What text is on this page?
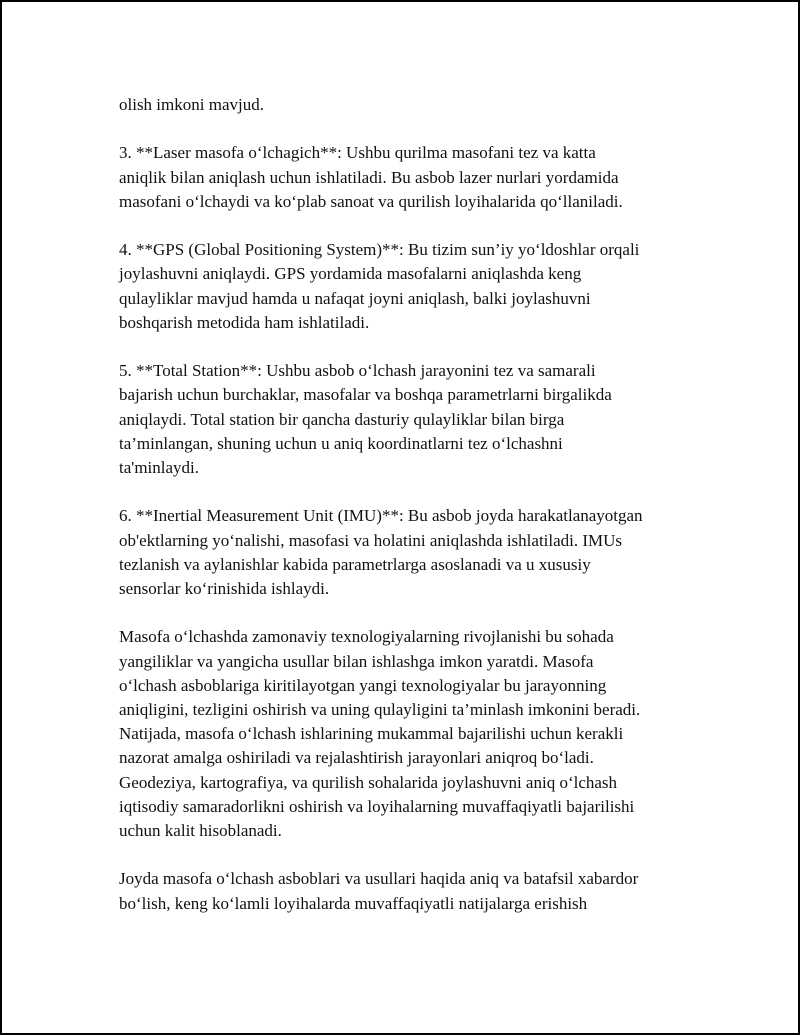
olish imkoni mavjud.

3. **Laser masofa o‘lchagich**: Ushbu qurilma masofani tez va katta
aniqlik bilan aniqlash uchun ishlatiladi. Bu asbob lazer nurlari yordamida
masofani o‘lchaydi va ko‘plab sanoat va qurilish loyihalarida qo‘llaniladi.

4. **GPS (Global Positioning System)**: Bu tizim sun’iy yo‘ldoshlar orqali
joylashuvni aniqlaydi. GPS yordamida masofalarni aniqlashda keng
qulayliklar mavjud hamda u nafaqat joyni aniqlash, balki joylashuvni
boshqarish metodida ham ishlatiladi.

5. **Total Station**: Ushbu asbob o‘lchash jarayonini tez va samarali
bajarish uchun burchaklar, masofalar va boshqa parametrlarni birgalikda
aniqlaydi. Total station bir qancha dasturiy qulayliklar bilan birga
ta’minlangan, shuning uchun u aniq koordinatlarni tez o‘lchashni
ta'minlaydi.

6. **Inertial Measurement Unit (IMU)**: Bu asbob joyda harakatlanayotgan
ob'ektlarning yo‘nalishi, masofasi va holatini aniqlashda ishlatiladi. IMUs
tezlanish va aylanishlar kabida parametrlarga asoslanadi va u xususiy
sensorlar ko‘rinishida ishlaydi.

Masofa o‘lchashda zamonaviy texnologiyalarning rivojlanishi bu sohada
yangiliklar va yangicha usullar bilan ishlashga imkon yaratdi. Masofa
o‘lchash asboblariga kiritilayotgan yangi texnologiyalar bu jarayonning
aniqligini, tezligini oshirish va uning qulayligini ta’minlash imkonini beradi.
Natijada, masofa o‘lchash ishlarining mukammal bajarilishi uchun kerakli
nazorat amalga oshiriladi va rejalashtirish jarayonlari aniqroq bo‘ladi.
Geodeziya, kartografiya, va qurilish sohalarida joylashuvni aniq o‘lchash
iqtisodiy samaradorlikni oshirish va loyihalarning muvaffaqiyatli bajarilishi
uchun kalit hisoblanadi.

Joyda masofa o‘lchash asboblari va usullari haqida aniq va batafsil xabardor
bo‘lish, keng ko‘lamli loyihalarda muvaffaqiyatli natijalarga erishish
